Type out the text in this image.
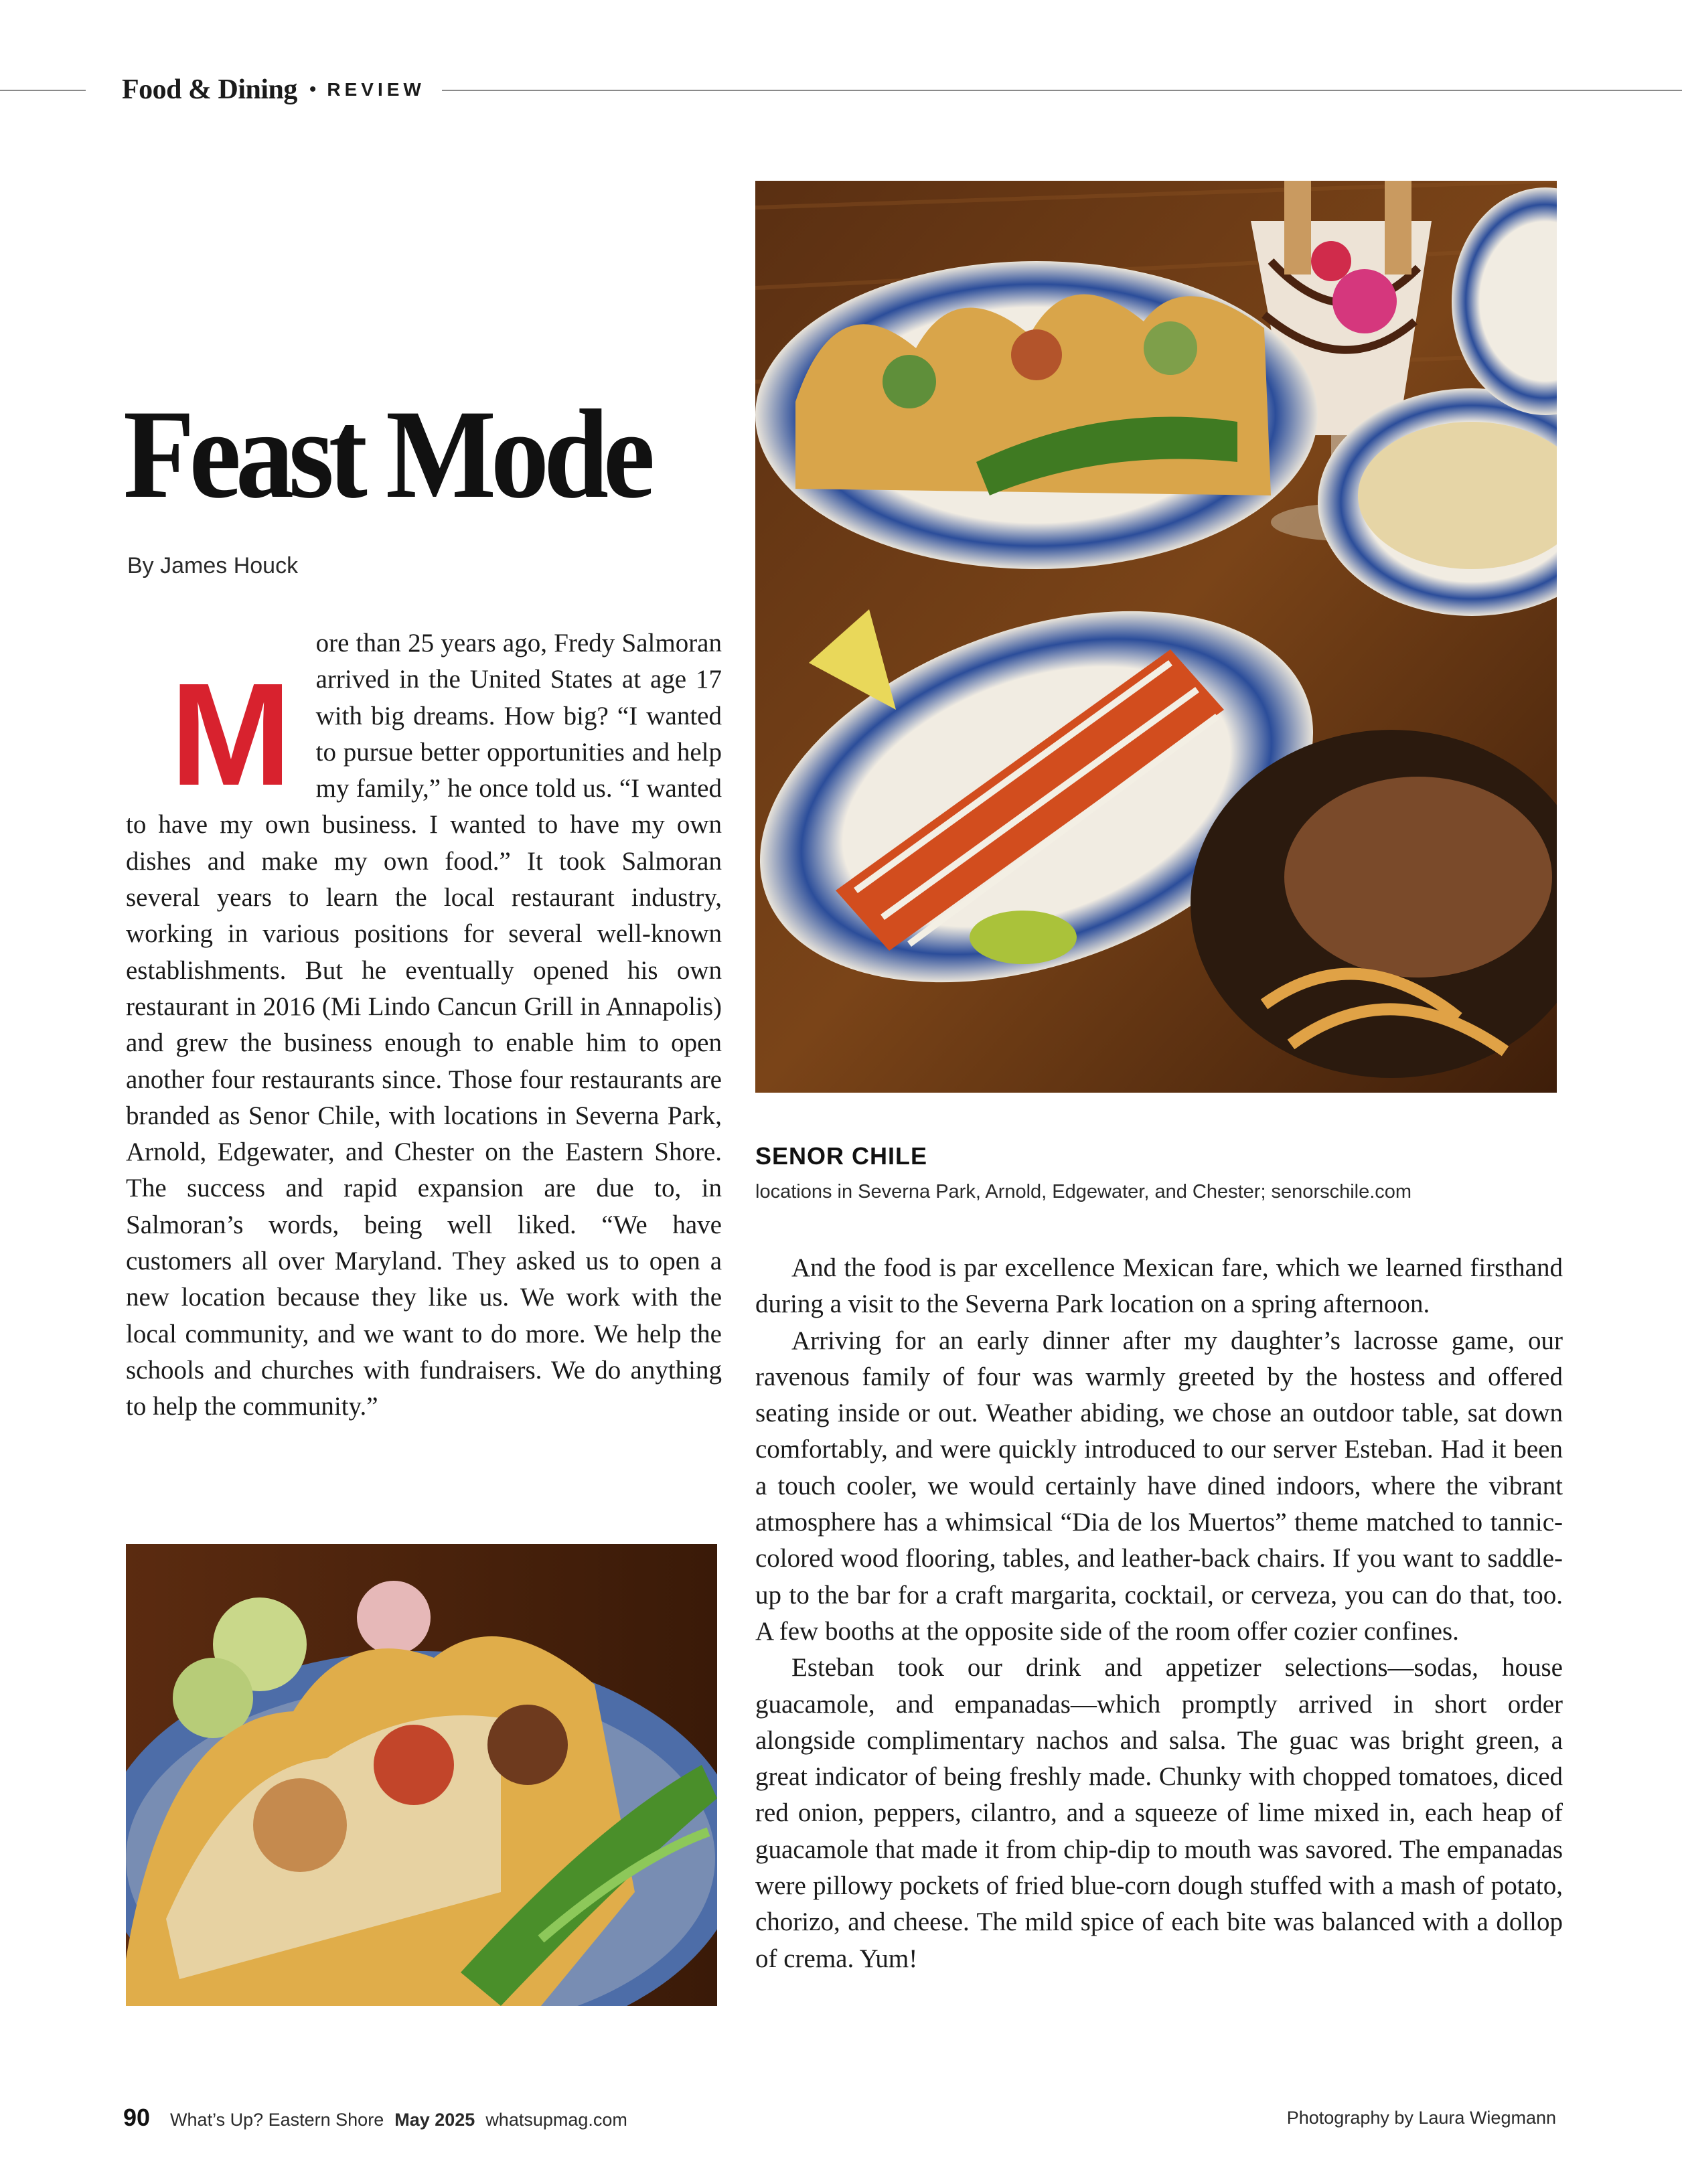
Food & Dining • REVIEW
Feast Mode
By James Houck

M
ore than 25 years ago, Fredy Salmoran arrived in the United States at age 17 with big dreams. How big? “I wanted to pursue better opportunities and help my family,” he once told us. “I wanted to have my own business. I wanted to have my own dishes and make my own food.” It took Salmoran several years to learn the local restaurant industry, working in various positions for several well-known establishments. But he eventually opened his own restaurant in 2016 (Mi Lindo Cancun Grill in Annapolis) and grew the business enough to enable him to open another four restaurants since. Those four restaurants are branded as Senor Chile, with locations in Severna Park, Arnold, Edgewater, and Chester on the Eastern Shore. The success and rapid expansion are due to, in Salmoran’s words, being well liked. “We have customers all over Maryland. They asked us to open a new location because they like us. We work with the local community, and we want to do more. We help the schools and churches with fundraisers. We do anything to help the community.”

SENOR CHILE
locations in Severna Park, Arnold, Edgewater, and Chester; senorschile.com

And the food is par excellence Mexican fare, which we learned firsthand during a visit to the Severna Park location on a spring afternoon.

Arriving for an early dinner after my daughter’s lacrosse game, our ravenous family of four was warmly greeted by the hostess and offered seating inside or out. Weather abiding, we chose an outdoor table, sat down comfortably, and were quickly introduced to our server Esteban. Had it been a touch cooler, we would certainly have dined indoors, where the vibrant atmosphere has a whimsical “Dia de los Muertos” theme matched to tannic-colored wood flooring, tables, and leather-back chairs. If you want to saddle-up to the bar for a craft margarita, cocktail, or cerveza, you can do that, too. A few booths at the opposite side of the room offer cozier confines.

Esteban took our drink and appetizer selections—sodas, house guacamole, and empanadas—which promptly arrived in short order alongside complimentary nachos and salsa. The guac was bright green, a great indicator of being freshly made. Chunky with chopped tomatoes, diced red onion, peppers, cilantro, and a squeeze of lime mixed in, each heap of guacamole that made it from chip-dip to mouth was savored. The empanadas were pillowy pockets of fried blue-corn dough stuffed with a mash of potato, chorizo, and cheese. The mild spice of each bite was balanced with a dollop of crema. Yum!

90 What’s Up? Eastern Shore May 2025 whatsupmag.com	Photography by Laura Wiegmann
